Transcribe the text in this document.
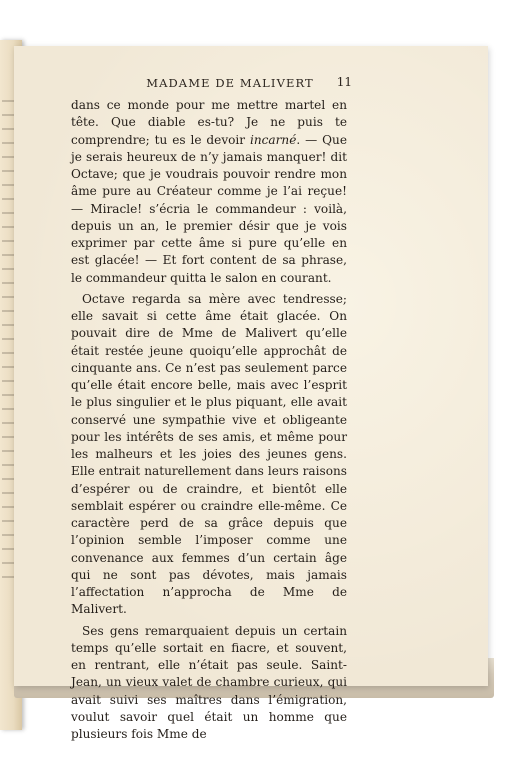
MADAME DE MALIVERT	11

dans ce monde pour me mettre martel en tête. Que diable es-tu? Je ne puis te comprendre; tu es le devoir incarné. — Que je serais heureux de n’y jamais manquer! dit Octave; que je voudrais pouvoir rendre mon âme pure au Créateur comme je l’ai reçue! — Miracle! s’écria le commandeur : voilà, depuis un an, le premier désir que je vois exprimer par cette âme si pure qu’elle en est glacée! — Et fort content de sa phrase, le commandeur quitta le salon en courant.

Octave regarda sa mère avec tendresse; elle savait si cette âme était glacée. On pouvait dire de Mme de Malivert qu’elle était restée jeune quoiqu’elle approchât de cinquante ans. Ce n’est pas seulement parce qu’elle était encore belle, mais avec l’esprit le plus singulier et le plus piquant, elle avait conservé une sympathie vive et obligeante pour les intérêts de ses amis, et même pour les malheurs et les joies des jeunes gens. Elle entrait naturellement dans leurs raisons d’espérer ou de craindre, et bientôt elle semblait espérer ou craindre elle-même. Ce caractère perd de sa grâce depuis que l’opinion semble l’imposer comme une convenance aux femmes d’un certain âge qui ne sont pas dévotes, mais jamais l’affectation n’approcha de Mme de Malivert.

Ses gens remarquaient depuis un certain temps qu’elle sortait en fiacre, et souvent, en rentrant, elle n’était pas seule. Saint-Jean, un vieux valet de chambre curieux, qui avait suivi ses maîtres dans l’émigration, voulut savoir quel était un homme que plusieurs fois Mme de
